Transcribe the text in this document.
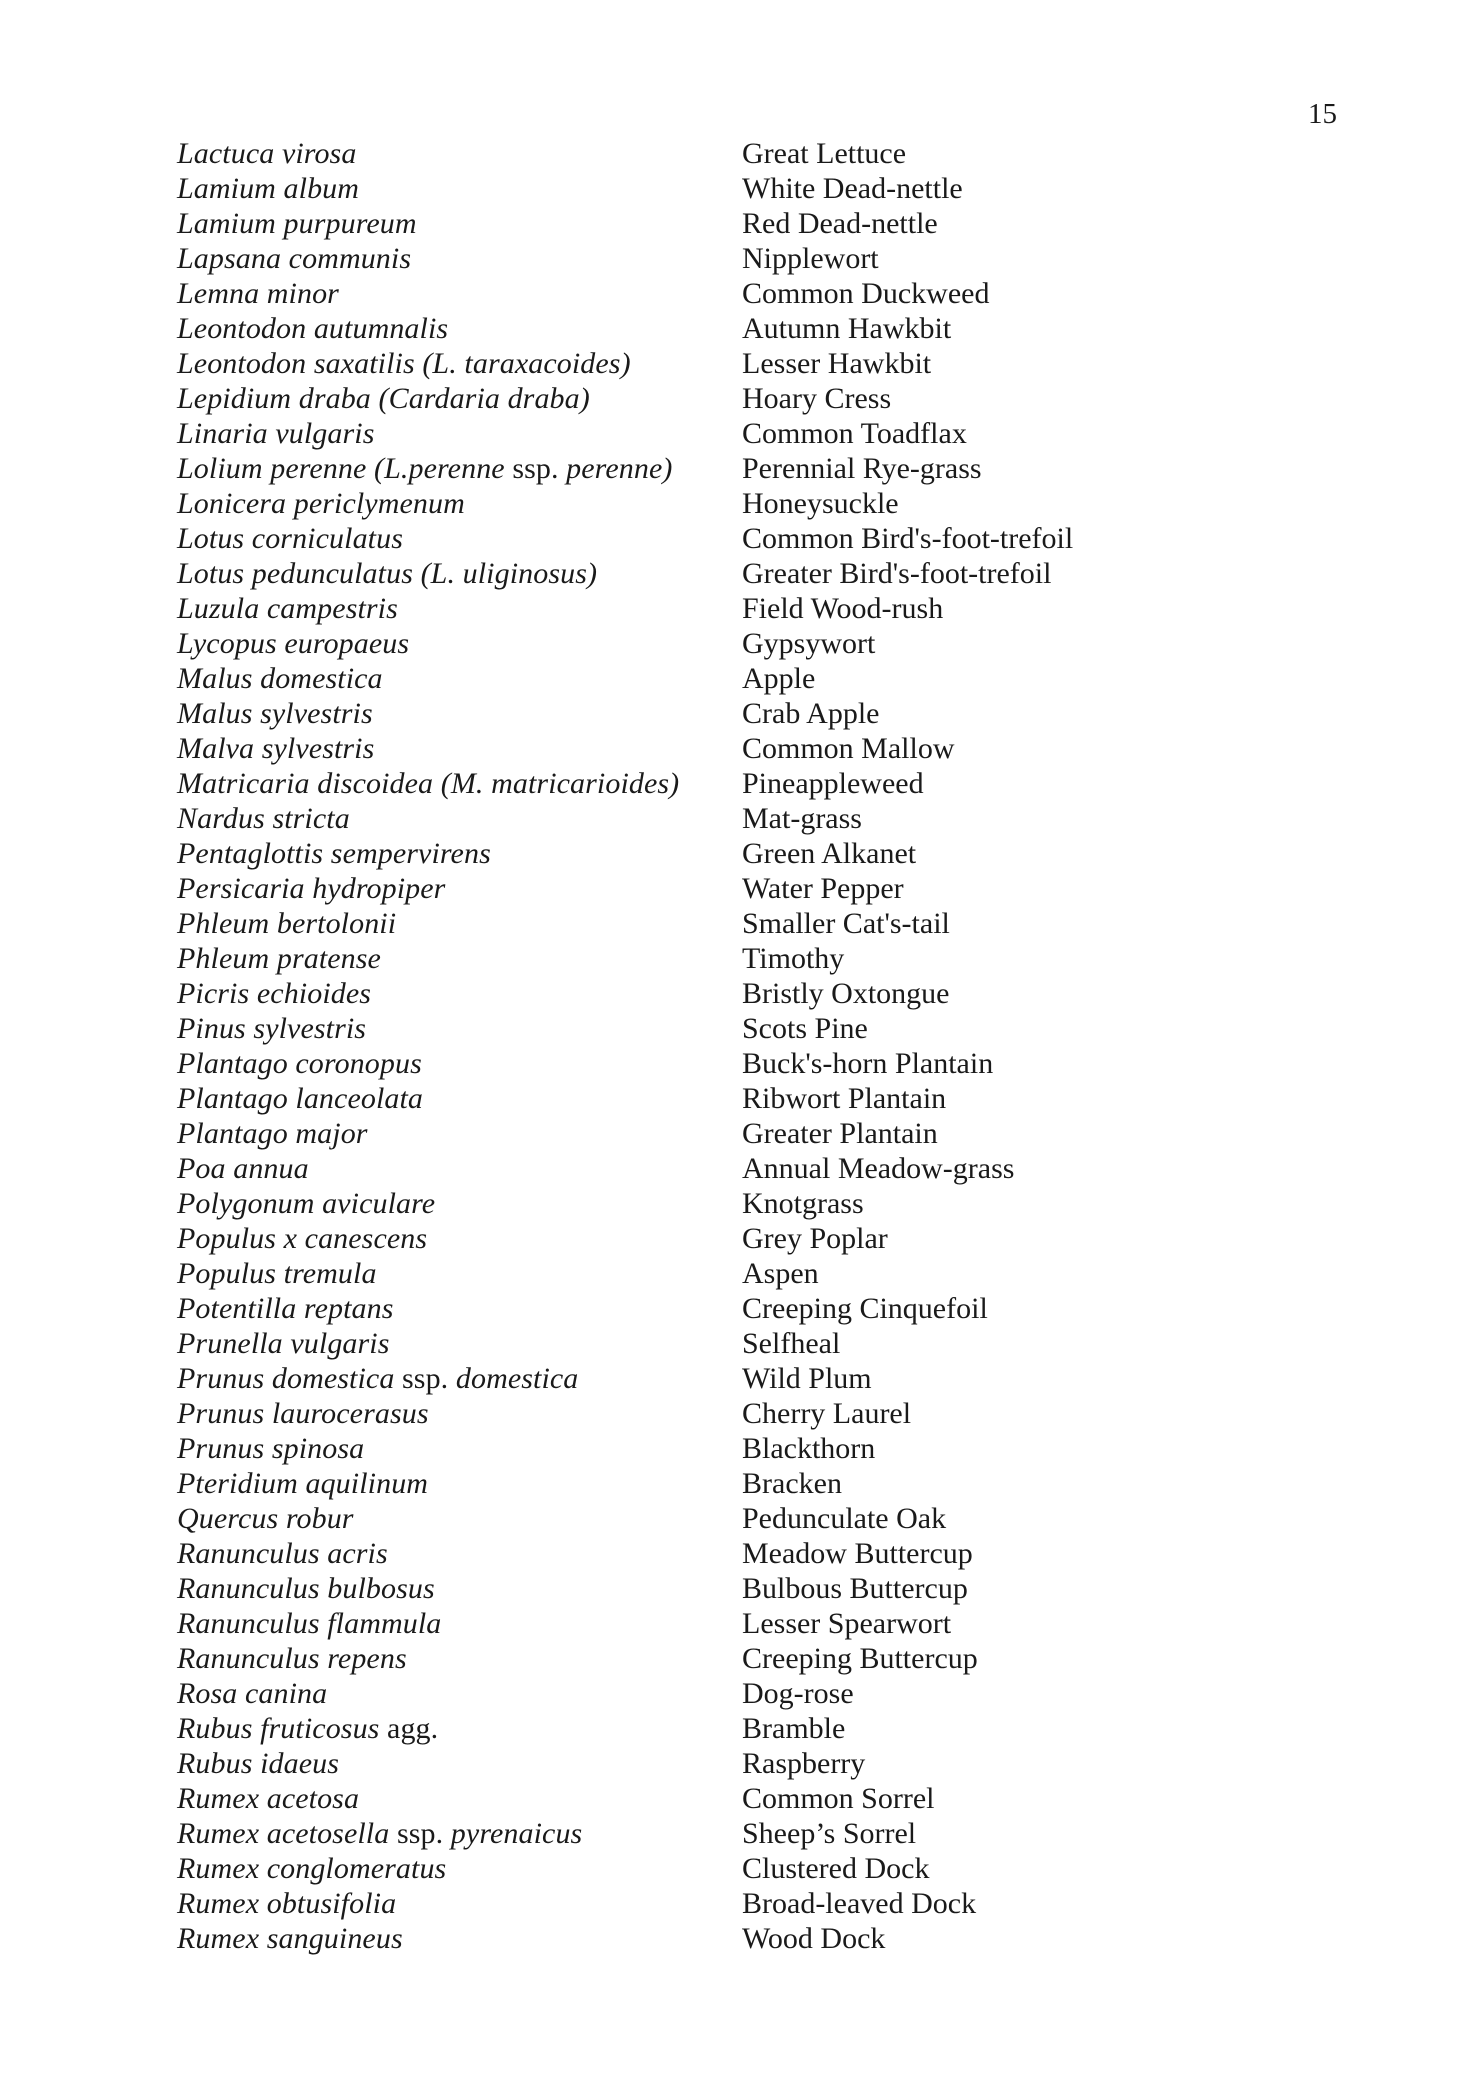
15
Lactuca virosa	Great Lettuce
Lamium album	White Dead-nettle
Lamium purpureum	Red Dead-nettle
Lapsana communis	Nipplewort
Lemna minor	Common Duckweed
Leontodon autumnalis	Autumn Hawkbit
Leontodon saxatilis (L. taraxacoides)	Lesser Hawkbit
Lepidium draba (Cardaria draba)	Hoary Cress
Linaria vulgaris	Common Toadflax
Lolium perenne (L.perenne ssp. perenne)	Perennial Rye-grass
Lonicera periclymenum	Honeysuckle
Lotus corniculatus	Common Bird's-foot-trefoil
Lotus pedunculatus (L. uliginosus)	Greater Bird's-foot-trefoil
Luzula campestris	Field Wood-rush
Lycopus europaeus	Gypsywort
Malus domestica	Apple
Malus sylvestris	Crab Apple
Malva sylvestris	Common Mallow
Matricaria discoidea (M. matricarioides)	Pineappleweed
Nardus stricta	Mat-grass
Pentaglottis sempervirens	Green Alkanet
Persicaria hydropiper	Water Pepper
Phleum bertolonii	Smaller Cat's-tail
Phleum pratense	Timothy
Picris echioides	Bristly Oxtongue
Pinus sylvestris	Scots Pine
Plantago coronopus	Buck's-horn Plantain
Plantago lanceolata	Ribwort Plantain
Plantago major	Greater Plantain
Poa annua	Annual Meadow-grass
Polygonum aviculare	Knotgrass
Populus x canescens	Grey Poplar
Populus tremula	Aspen
Potentilla reptans	Creeping Cinquefoil
Prunella vulgaris	Selfheal
Prunus domestica ssp. domestica	Wild Plum
Prunus laurocerasus	Cherry Laurel
Prunus spinosa	Blackthorn
Pteridium aquilinum	Bracken
Quercus robur	Pedunculate Oak
Ranunculus acris	Meadow Buttercup
Ranunculus bulbosus	Bulbous Buttercup
Ranunculus flammula	Lesser Spearwort
Ranunculus repens	Creeping Buttercup
Rosa canina	Dog-rose
Rubus fruticosus agg.	Bramble
Rubus idaeus	Raspberry
Rumex acetosa	Common Sorrel
Rumex acetosella ssp. pyrenaicus	Sheep’s Sorrel
Rumex conglomeratus	Clustered Dock
Rumex obtusifolia	Broad-leaved Dock
Rumex sanguineus	Wood Dock
